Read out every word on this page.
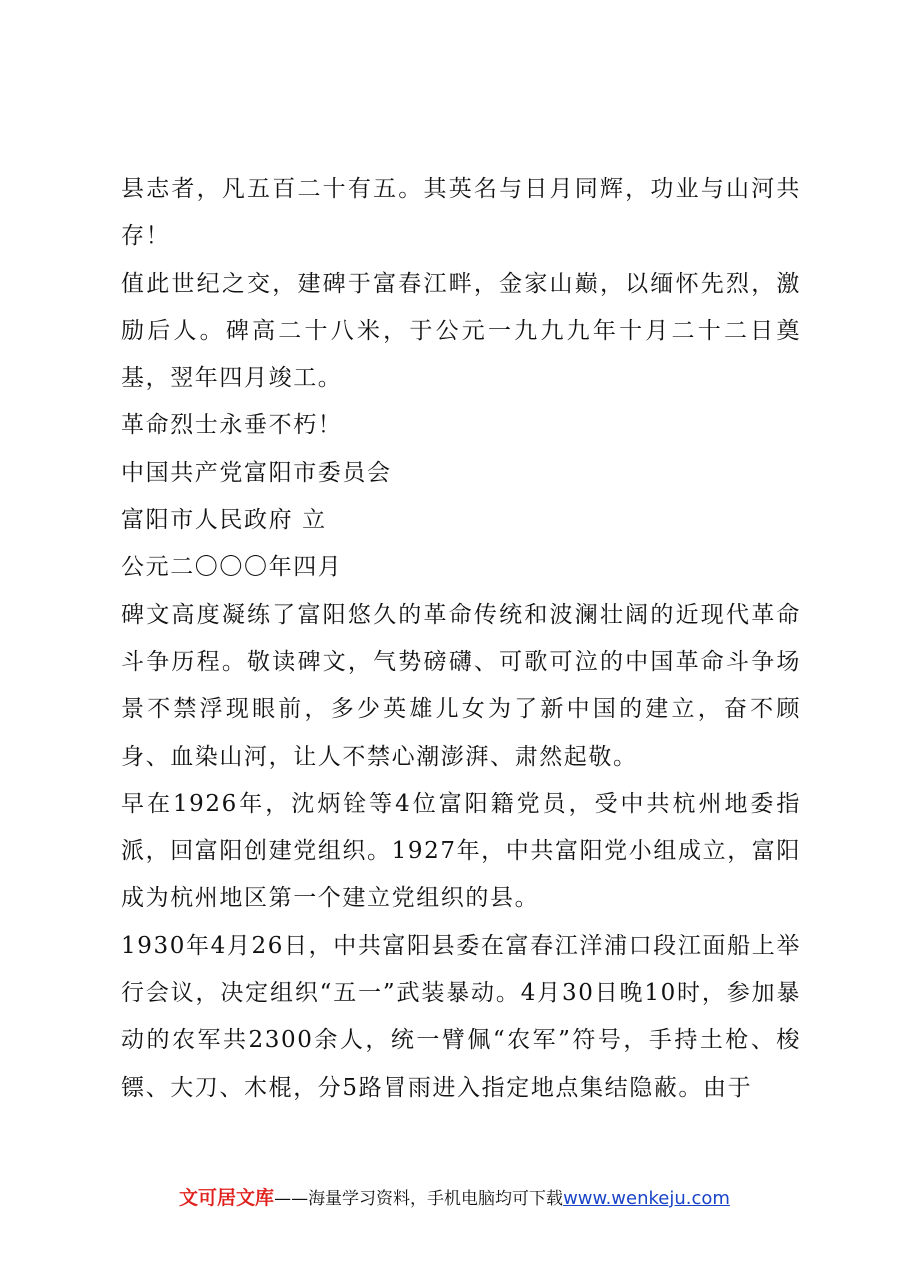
县志者，凡五百二十有五。其英名与日月同辉，功业与山河共存！

值此世纪之交，建碑于富春江畔，金家山巅，以缅怀先烈，激励后人。碑高二十八米，于公元一九九九年十月二十二日奠基，翌年四月竣工。

革命烈士永垂不朽！

中国共产党富阳市委员会

富阳市人民政府 立

公元二〇〇〇年四月

碑文高度凝练了富阳悠久的革命传统和波澜壮阔的近现代革命斗争历程。敬读碑文，气势磅礴、可歌可泣的中国革命斗争场景不禁浮现眼前，多少英雄儿女为了新中国的建立，奋不顾身、血染山河，让人不禁心潮澎湃、肃然起敬。

早在1926年，沈炳铨等4位富阳籍党员，受中共杭州地委指派，回富阳创建党组织。1927年，中共富阳党小组成立，富阳成为杭州地区第一个建立党组织的县。

1930年4月26日，中共富阳县委在富春江洋浦口段江面船上举行会议，决定组织“五一”武装暴动。4月30日晚10时，参加暴动的农军共2300余人，统一臂佩“农军”符号，手持土枪、梭镖、大刀、木棍，分5路冒雨进入指定地点集结隐蔽。由于

文可居文库——海量学习资料，手机电脑均可下载www.wenkeju.com
